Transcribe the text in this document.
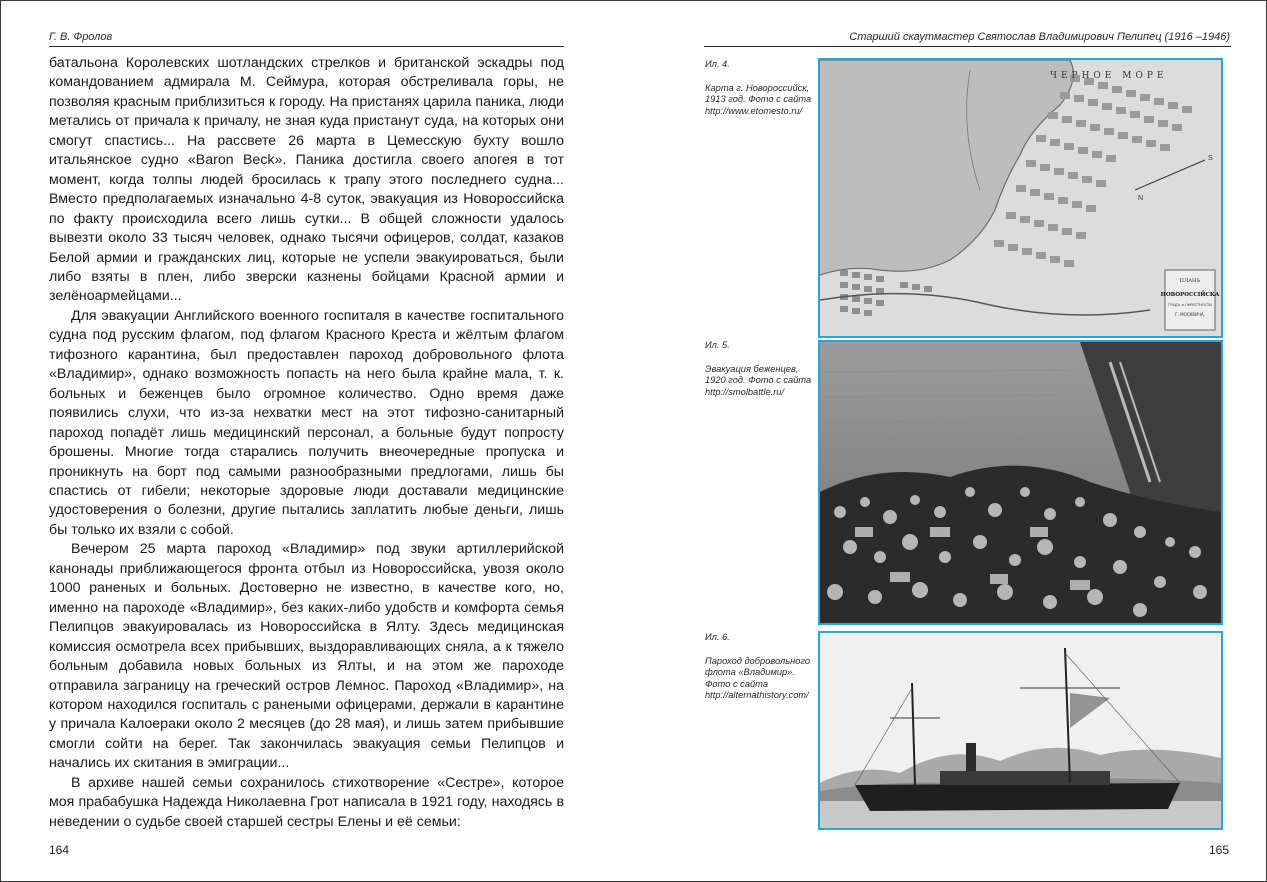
Г. В. Фролов

батальона Королевских шотландских стрелков и британской эскадры под командованием адмирала М. Сеймура, которая обстреливала горы, не позволяя красным приблизиться к городу. На пристанях царила паника, люди метались от причала к причалу, не зная куда пристанут суда, на которых они смогут спастись... На рассвете 26 марта в Цемесскую бухту вошло итальянское судно «Baron Beck». Паника достигла своего апогея в тот момент, когда толпы людей бросилась к трапу этого последнего судна... Вместо предполагаемых изначально 4-8 суток, эвакуация из Новороссийска по факту происходила всего лишь сутки... В общей сложности удалось вывезти около 33 тысяч человек, однако тысячи офицеров, солдат, казаков Белой армии и гражданских лиц, которые не успели эвакуироваться, были либо взяты в плен, либо зверски казнены бойцами Красной армии и зелёноармейцами...

Для эвакуации Английского военного госпиталя в качестве госпитального судна под русским флагом, под флагом Красного Креста и жёлтым флагом тифозного карантина, был предоставлен пароход добровольного флота «Владимир», однако возможность попасть на него была крайне мала, т. к. больных и беженцев было огромное количество. Одно время даже появились слухи, что из-за нехватки мест на этот тифозно-санитарный пароход попадёт лишь медицинский персонал, а больные будут попросту брошены. Многие тогда старались получить внеочередные пропуска и проникнуть на борт под самыми разнообразными предлогами, лишь бы спастись от гибели; некоторые здоровые люди доставали медицинские удостоверения о болезни, другие пытались заплатить любые деньги, лишь бы только их взяли с собой.

Вечером 25 марта пароход «Владимир» под звуки артиллерийской канонады приближающегося фронта отбыл из Новороссийска, увозя около 1000 раненых и больных. Достоверно не известно, в качестве кого, но, именно на пароходе «Владимир», без каких-либо удобств и комфорта семья Пелипцов эвакуировалась из Новороссийска в Ялту. Здесь медицинская комиссия осмотрела всех прибывших, выздоравливающих сняла, а к тяжело больным добавила новых больных из Ялты, и на этом же пароходе отправила заграницу на греческий остров Лемнос. Пароход «Владимир», на котором находился госпиталь с ранеными офицерами, держали в карантине у причала Калоераки около 2 месяцев (до 28 мая), и лишь затем прибывшие смогли сойти на берег. Так закончилась эвакуация семьи Пелипцов и начались их скитания в эмиграции...

В архиве нашей семьи сохранилось стихотворение «Сестре», которое моя прабабушка Надежда Николаевна Грот написала в 1921 году, находясь в неведении о судьбе своей старшей сестры Елены и её семьи:

164
Старший скаутмастер Святослав Владимирович Пелипец (1916 –1946)
Ил. 4.
Карта г. Новороссийск, 1913 год. Фото с сайта http://www.etomesto.ru/
ЧЕРНОЕ МОРЕ
S
N
ПЛАНЪ
НОВОРОССІЙСКА
ГРАДЪ и ОКРЕСТНОСТИ
Г. МОСКВИЧА.
Ил. 5.
Эвакуация беженцев, 1920 год. Фото с сайта http://smolbattle.ru/
Ил. 6.
Пароход добровольного флота «Владимир». Фото с сайта http://alternathistory.com/
165
